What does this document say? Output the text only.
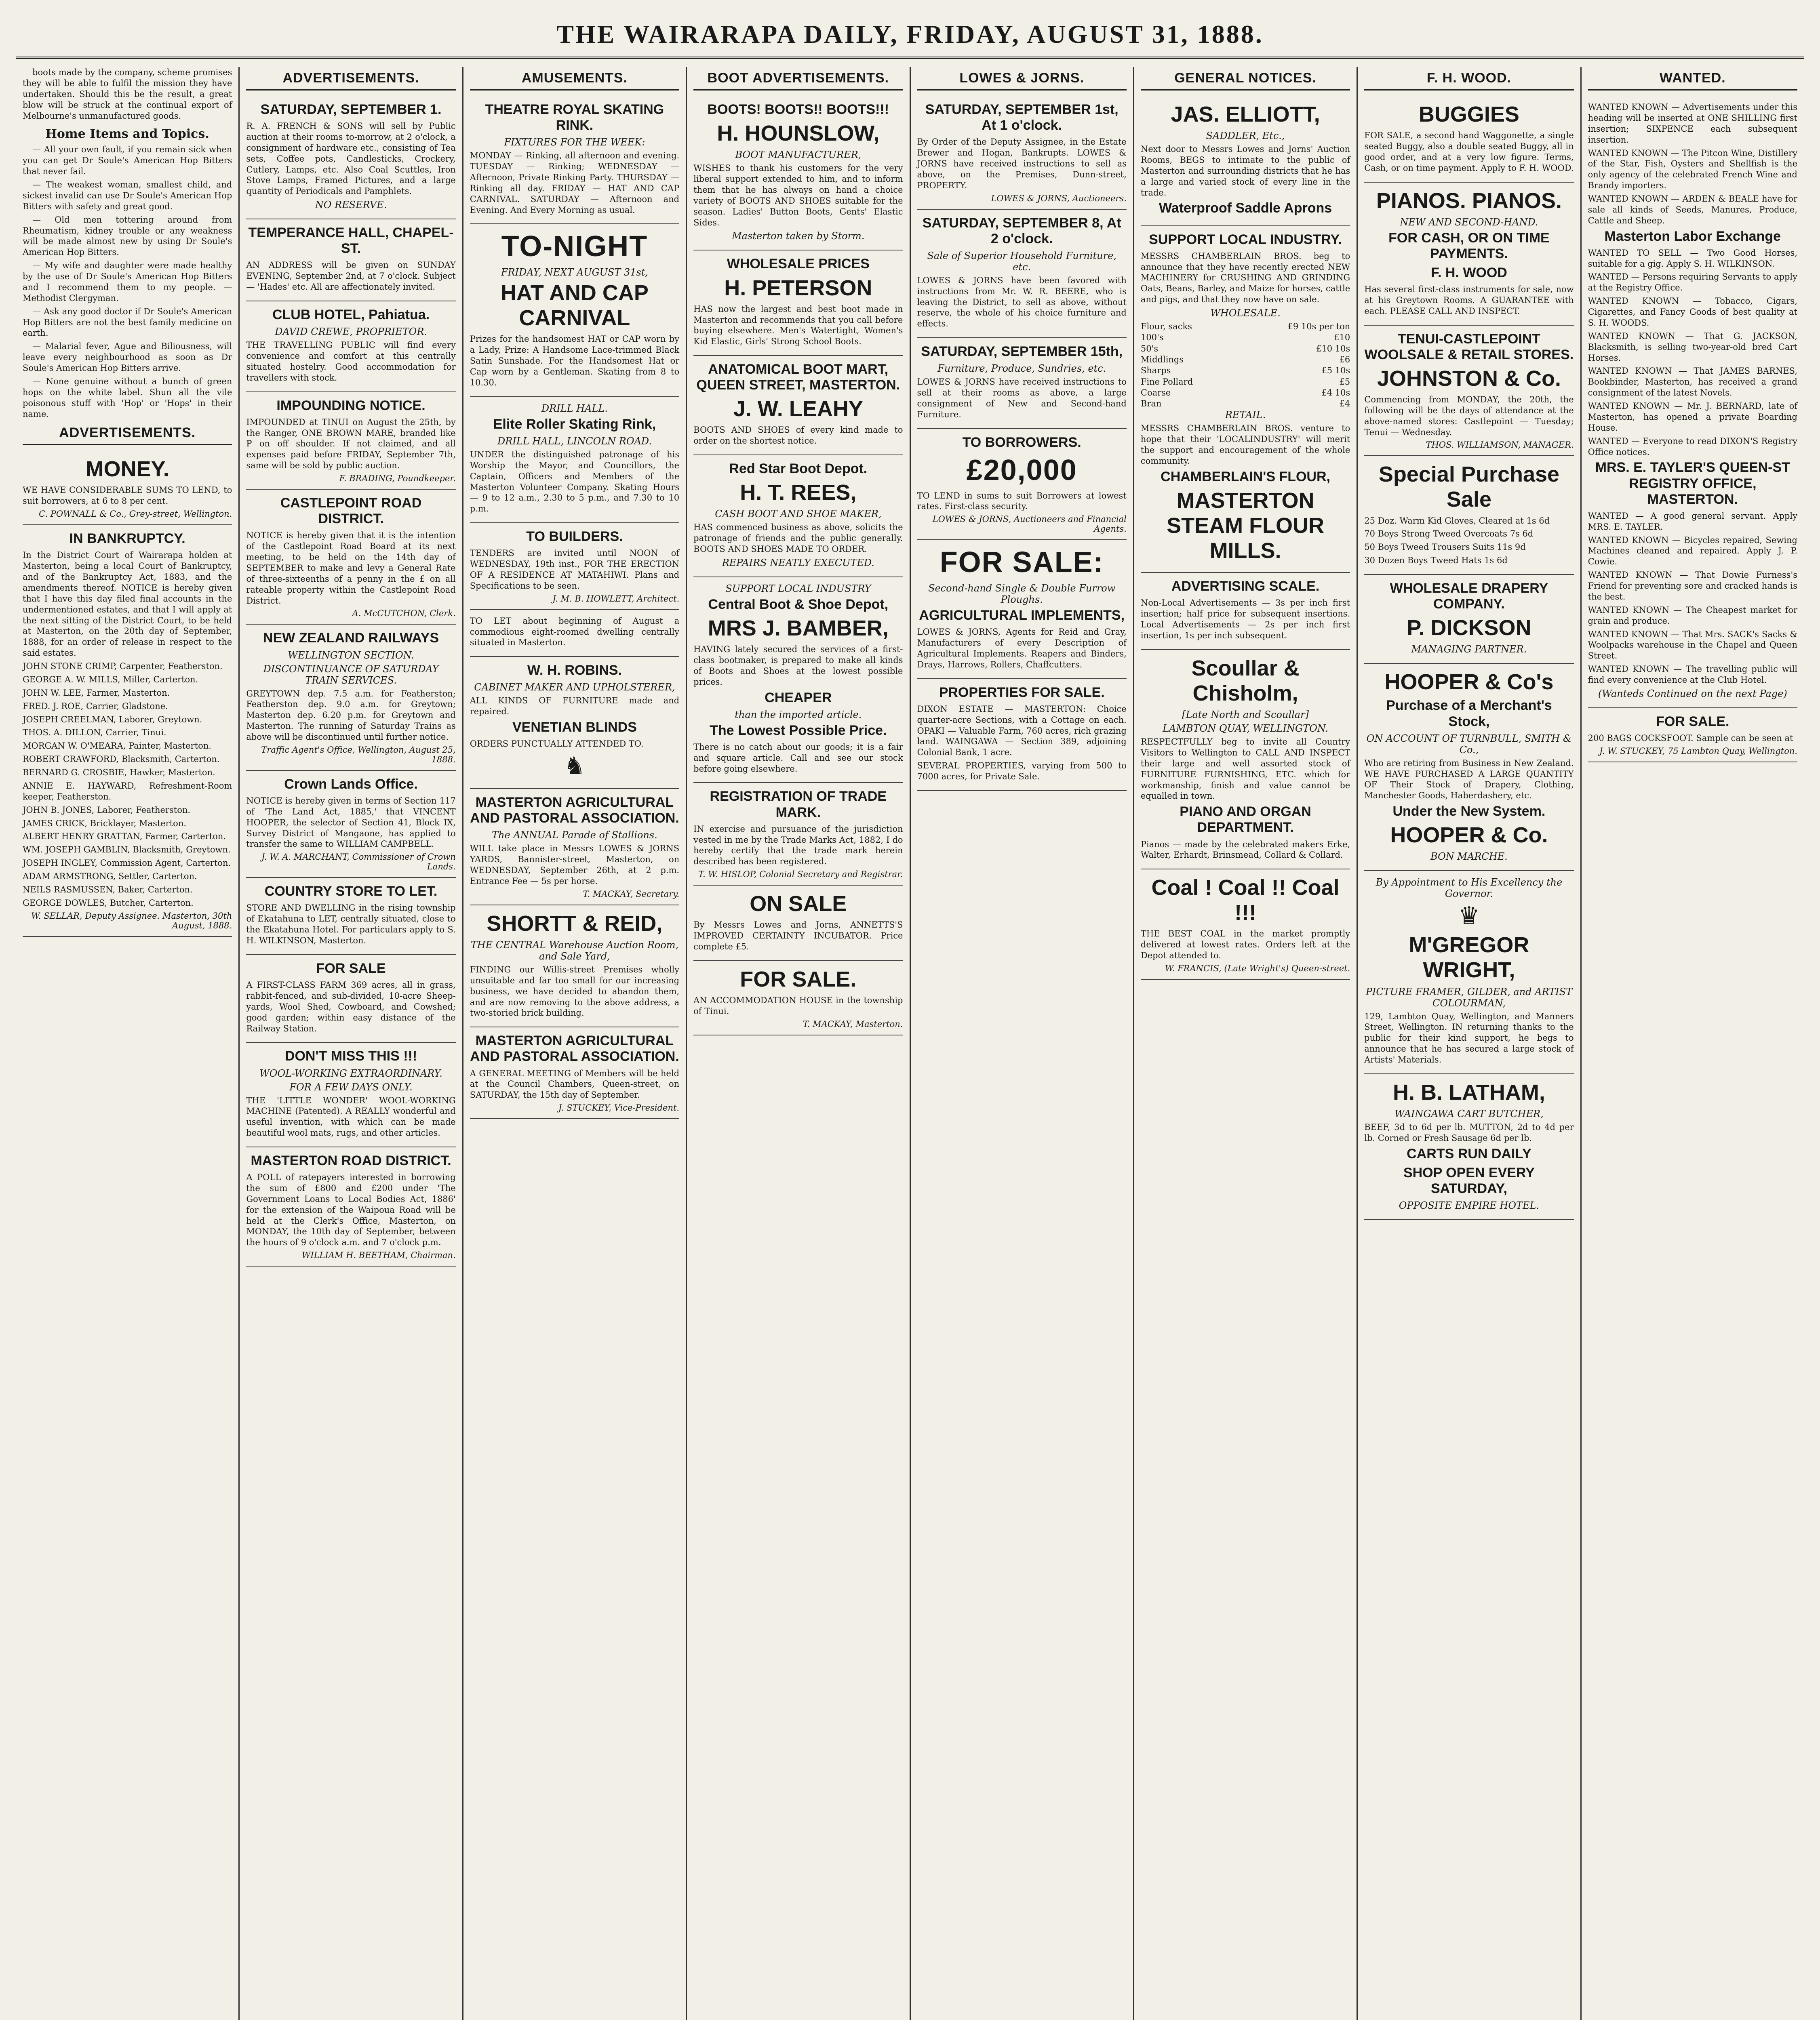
THE WAIRARAPA DAILY, FRIDAY, AUGUST 31, 1888.

boots made by the company, scheme promises they will be able to fulfil the mission they have undertaken. Should this be the result, a great blow will be struck at the continual export of Melbourne's unmanufactured goods.

Home Items and Topics.

— All your own fault, if you remain sick when you can get Dr Soule's American Hop Bitters that never fail.

— The weakest woman, smallest child, and sickest invalid can use Dr Soule's American Hop Bitters with safety and great good.

— Old men tottering around from Rheumatism, kidney trouble or any weakness will be made almost new by using Dr Soule's American Hop Bitters.

— My wife and daughter were made healthy by the use of Dr Soule's American Hop Bitters and I recommend them to my people. — Methodist Clergyman.

— Ask any good doctor if Dr Soule's American Hop Bitters are not the best family medicine on earth.

— Malarial fever, Ague and Biliousness, will leave every neighbourhood as soon as Dr Soule's American Hop Bitters arrive.

— None genuine without a bunch of green hops on the white label. Shun all the vile poisonous stuff with 'Hop' or 'Hops' in their name.

ADVERTISEMENTS.
MONEY.

WE HAVE CONSIDERABLE SUMS TO LEND, to suit borrowers, at 6 to 8 per cent.

C. POWNALL & Co., Grey-street, Wellington.
IN BANKRUPTCY.

In the District Court of Wairarapa holden at Masterton, being a local Court of Bankruptcy, and of the Bankruptcy Act, 1883, and the amendments thereof. NOTICE is hereby given that I have this day filed final accounts in the undermentioned estates, and that I will apply at the next sitting of the District Court, to be held at Masterton, on the 20th day of September, 1888, for an order of release in respect to the said estates.

JOHN STONE CRIMP, Carpenter, Featherston.

GEORGE A. W. MILLS, Miller, Carterton.

JOHN W. LEE, Farmer, Masterton.

FRED. J. ROE, Carrier, Gladstone.

JOSEPH CREELMAN, Laborer, Greytown.

THOS. A. DILLON, Carrier, Tinui.

MORGAN W. O'MEARA, Painter, Masterton.

ROBERT CRAWFORD, Blacksmith, Carterton.

BERNARD G. CROSBIE, Hawker, Masterton.

ANNIE E. HAYWARD, Refreshment-Room keeper, Featherston.

JOHN B. JONES, Laborer, Featherston.

JAMES CRICK, Bricklayer, Masterton.

ALBERT HENRY GRATTAN, Farmer, Carterton.

WM. JOSEPH GAMBLIN, Blacksmith, Greytown.

JOSEPH INGLEY, Commission Agent, Carterton.

ADAM ARMSTRONG, Settler, Carterton.

NEILS RASMUSSEN, Baker, Carterton.

GEORGE DOWLES, Butcher, Carterton.

W. SELLAR, Deputy Assignee. Masterton, 30th August, 1888.
ADVERTISEMENTS.
SATURDAY, SEPTEMBER 1.

R. A. FRENCH & SONS will sell by Public auction at their rooms to-morrow, at 2 o'clock, a consignment of hardware etc., consisting of Tea sets, Coffee pots, Candlesticks, Crockery, Cutlery, Lamps, etc. Also Coal Scuttles, Iron Stove Lamps, Framed Pictures, and a large quantity of Periodicals and Pamphlets.

NO RESERVE.
TEMPERANCE HALL, CHAPEL-ST.

AN ADDRESS will be given on SUNDAY EVENING, September 2nd, at 7 o'clock. Subject — 'Hades' etc. All are affectionately invited.

CLUB HOTEL, Pahiatua.
DAVID CREWE, PROPRIETOR.

THE TRAVELLING PUBLIC will find every convenience and comfort at this centrally situated hostelry. Good accommodation for travellers with stock.

IMPOUNDING NOTICE.

IMPOUNDED at TINUI on August the 25th, by the Ranger, ONE BROWN MARE, branded like P on off shoulder. If not claimed, and all expenses paid before FRIDAY, September 7th, same will be sold by public auction.

F. BRADING, Poundkeeper.
CASTLEPOINT ROAD DISTRICT.

NOTICE is hereby given that it is the intention of the Castlepoint Road Board at its next meeting, to be held on the 14th day of SEPTEMBER to make and levy a General Rate of three-sixteenths of a penny in the £ on all rateable property within the Castlepoint Road District.

A. McCUTCHON, Clerk.
NEW ZEALAND RAILWAYS
WELLINGTON SECTION.
DISCONTINUANCE OF SATURDAY TRAIN SERVICES.

GREYTOWN dep. 7.5 a.m. for Featherston; Featherston dep. 9.0 a.m. for Greytown; Masterton dep. 6.20 p.m. for Greytown and Masterton. The running of Saturday Trains as above will be discontinued until further notice.

Traffic Agent's Office, Wellington, August 25, 1888.
Crown Lands Office.

NOTICE is hereby given in terms of Section 117 of 'The Land Act, 1885,' that VINCENT HOOPER, the selector of Section 41, Block IX, Survey District of Mangaone, has applied to transfer the same to WILLIAM CAMPBELL.

J. W. A. MARCHANT, Commissioner of Crown Lands.
COUNTRY STORE TO LET.

STORE AND DWELLING in the rising township of Ekatahuna to LET, centrally situated, close to the Ekatahuna Hotel. For particulars apply to S. H. WILKINSON, Masterton.

FOR SALE

A FIRST-CLASS FARM 369 acres, all in grass, rabbit-fenced, and sub-divided, 10-acre Sheep-yards, Wool Shed, Cowboard, and Cowshed; good garden; within easy distance of the Railway Station.

DON'T MISS THIS !!!
WOOL-WORKING EXTRAORDINARY.
FOR A FEW DAYS ONLY.

THE 'LITTLE WONDER' WOOL-WORKING MACHINE (Patented). A REALLY wonderful and useful invention, with which can be made beautiful wool mats, rugs, and other articles.

MASTERTON ROAD DISTRICT.

A POLL of ratepayers interested in borrowing the sum of £800 and £200 under 'The Government Loans to Local Bodies Act, 1886' for the extension of the Waipoua Road will be held at the Clerk's Office, Masterton, on MONDAY, the 10th day of September, between the hours of 9 o'clock a.m. and 7 o'clock p.m.

WILLIAM H. BEETHAM, Chairman.
AMUSEMENTS.
THEATRE ROYAL SKATING RINK.
FIXTURES FOR THE WEEK:

MONDAY — Rinking, all afternoon and evening. TUESDAY — Rinking; WEDNESDAY — Afternoon, Private Rinking Party. THURSDAY — Rinking all day. FRIDAY — HAT AND CAP CARNIVAL. SATURDAY — Afternoon and Evening. And Every Morning as usual.

TO-NIGHT
FRIDAY, NEXT AUGUST 31st,
HAT AND CAP CARNIVAL

Prizes for the handsomest HAT or CAP worn by a Lady, Prize: A Handsome Lace-trimmed Black Satin Sunshade. For the Handsomest Hat or Cap worn by a Gentleman. Skating from 8 to 10.30.

DRILL HALL.
Elite Roller Skating Rink,
DRILL HALL, LINCOLN ROAD.

UNDER the distinguished patronage of his Worship the Mayor, and Councillors, the Captain, Officers and Members of the Masterton Volunteer Company. Skating Hours — 9 to 12 a.m., 2.30 to 5 p.m., and 7.30 to 10 p.m.

TO BUILDERS.

TENDERS are invited until NOON of WEDNESDAY, 19th inst., FOR THE ERECTION OF A RESIDENCE AT MATAHIWI. Plans and Specifications to be seen.

J. M. B. HOWLETT, Architect.

TO LET about beginning of August a commodious eight-roomed dwelling centrally situated in Masterton.

W. H. ROBINS.
CABINET MAKER AND UPHOLSTERER,

ALL KINDS OF FURNITURE made and repaired.

VENETIAN BLINDS

ORDERS PUNCTUALLY ATTENDED TO.

♞
MASTERTON AGRICULTURAL AND PASTORAL ASSOCIATION.
The ANNUAL Parade of Stallions.

WILL take place in Messrs LOWES & JORNS YARDS, Bannister-street, Masterton, on WEDNESDAY, September 26th, at 2 p.m. Entrance Fee — 5s per horse.

T. MACKAY, Secretary.
SHORTT & REID,
THE CENTRAL Warehouse Auction Room, and Sale Yard,

FINDING our Willis-street Premises wholly unsuitable and far too small for our increasing business, we have decided to abandon them, and are now removing to the above address, a two-storied brick building.

MASTERTON AGRICULTURAL AND PASTORAL ASSOCIATION.

A GENERAL MEETING of Members will be held at the Council Chambers, Queen-street, on SATURDAY, the 15th day of September.

J. STUCKEY, Vice-President.
BOOT ADVERTISEMENTS.
BOOTS! BOOTS!! BOOTS!!!
H. HOUNSLOW,
BOOT MANUFACTURER,

WISHES to thank his customers for the very liberal support extended to him, and to inform them that he has always on hand a choice variety of BOOTS AND SHOES suitable for the season. Ladies' Button Boots, Gents' Elastic Sides.

Masterton taken by Storm.
WHOLESALE PRICES
H. PETERSON

HAS now the largest and best boot made in Masterton and recommends that you call before buying elsewhere. Men's Watertight, Women's Kid Elastic, Girls' Strong School Boots.

ANATOMICAL BOOT MART, QUEEN STREET, MASTERTON.
J. W. LEAHY

BOOTS AND SHOES of every kind made to order on the shortest notice.

Red Star Boot Depot.
H. T. REES,
CASH BOOT AND SHOE MAKER,

HAS commenced business as above, solicits the patronage of friends and the public generally. BOOTS AND SHOES MADE TO ORDER.

REPAIRS NEATLY EXECUTED.
SUPPORT LOCAL INDUSTRY
Central Boot & Shoe Depot,
MRS J. BAMBER,

HAVING lately secured the services of a first-class bootmaker, is prepared to make all kinds of Boots and Shoes at the lowest possible prices.

CHEAPER
than the imported article.
The Lowest Possible Price.

There is no catch about our goods; it is a fair and square article. Call and see our stock before going elsewhere.

REGISTRATION OF TRADE MARK.

IN exercise and pursuance of the jurisdiction vested in me by the Trade Marks Act, 1882, I do hereby certify that the trade mark herein described has been registered.

T. W. HISLOP, Colonial Secretary and Registrar.
ON SALE

By Messrs Lowes and Jorns, ANNETTS'S IMPROVED CERTAINTY INCUBATOR. Price complete £5.

FOR SALE.

AN ACCOMMODATION HOUSE in the township of Tinui.

T. MACKAY, Masterton.
LOWES & JORNS.
SATURDAY, SEPTEMBER 1st, At 1 o'clock.

By Order of the Deputy Assignee, in the Estate Brewer and Hogan, Bankrupts. LOWES & JORNS have received instructions to sell as above, on the Premises, Dunn-street, PROPERTY.

LOWES & JORNS, Auctioneers.
SATURDAY, SEPTEMBER 8, At 2 o'clock.
Sale of Superior Household Furniture, etc.

LOWES & JORNS have been favored with instructions from Mr. W. R. BEERE, who is leaving the District, to sell as above, without reserve, the whole of his choice furniture and effects.

SATURDAY, SEPTEMBER 15th,
Furniture, Produce, Sundries, etc.

LOWES & JORNS have received instructions to sell at their rooms as above, a large consignment of New and Second-hand Furniture.

TO BORROWERS.
£20,000

TO LEND in sums to suit Borrowers at lowest rates. First-class security.

LOWES & JORNS, Auctioneers and Financial Agents.
FOR SALE:
Second-hand Single & Double Furrow Ploughs.
AGRICULTURAL IMPLEMENTS,

LOWES & JORNS, Agents for Reid and Gray, Manufacturers of every Description of Agricultural Implements. Reapers and Binders, Drays, Harrows, Rollers, Chaffcutters.

PROPERTIES FOR SALE.

DIXON ESTATE — MASTERTON: Choice quarter-acre Sections, with a Cottage on each. OPAKI — Valuable Farm, 760 acres, rich grazing land. WAINGAWA — Section 389, adjoining Colonial Bank, 1 acre.

SEVERAL PROPERTIES, varying from 500 to 7000 acres, for Private Sale.

GENERAL NOTICES.
JAS. ELLIOTT,
SADDLER, Etc.,

Next door to Messrs Lowes and Jorns' Auction Rooms, BEGS to intimate to the public of Masterton and surrounding districts that he has a large and varied stock of every line in the trade.

Waterproof Saddle Aprons
SUPPORT LOCAL INDUSTRY.

MESSRS CHAMBERLAIN BROS. beg to announce that they have recently erected NEW MACHINERY for CRUSHING AND GRINDING Oats, Beans, Barley, and Maize for horses, cattle and pigs, and that they now have on sale.

WHOLESALE.
Flour, sacks	£9 10s per ton
100's	£10
50's	£10 10s
Middlings	£6
Sharps	£5 10s
Fine Pollard	£5
Coarse	£4 10s
Bran	£4
RETAIL.

MESSRS CHAMBERLAIN BROS. venture to hope that their 'LOCALINDUSTRY' will merit the support and encouragement of the whole community.

CHAMBERLAIN'S FLOUR,
MASTERTON STEAM FLOUR MILLS.
ADVERTISING SCALE.

Non-Local Advertisements — 3s per inch first insertion; half price for subsequent insertions. Local Advertisements — 2s per inch first insertion, 1s per inch subsequent.

Scoullar & Chisholm,
[Late North and Scoullar]
LAMBTON QUAY, WELLINGTON.

RESPECTFULLY beg to invite all Country Visitors to Wellington to CALL AND INSPECT their large and well assorted stock of FURNITURE FURNISHING, ETC. which for workmanship, finish and value cannot be equalled in town.

PIANO AND ORGAN DEPARTMENT.

Pianos — made by the celebrated makers Erke, Walter, Erhardt, Brinsmead, Collard & Collard.

Coal ! Coal !! Coal !!!

THE BEST COAL in the market promptly delivered at lowest rates. Orders left at the Depot attended to.

W. FRANCIS, (Late Wright's) Queen-street.
F. H. WOOD.
BUGGIES

FOR SALE, a second hand Waggonette, a single seated Buggy, also a double seated Buggy, all in good order, and at a very low figure. Terms, Cash, or on time payment. Apply to F. H. WOOD.

PIANOS. PIANOS.
NEW AND SECOND-HAND.
FOR CASH, OR ON TIME PAYMENTS.
F. H. WOOD

Has several first-class instruments for sale, now at his Greytown Rooms. A GUARANTEE with each. PLEASE CALL AND INSPECT.

TENUI-CASTLEPOINT WOOLSALE & RETAIL STORES.
JOHNSTON & Co.

Commencing from MONDAY, the 20th, the following will be the days of attendance at the above-named stores: Castlepoint — Tuesday; Tenui — Wednesday.

THOS. WILLIAMSON, MANAGER.
Special Purchase Sale

25 Doz. Warm Kid Gloves, Cleared at 1s 6d

70 Boys Strong Tweed Overcoats 7s 6d

50 Boys Tweed Trousers Suits 11s 9d

30 Dozen Boys Tweed Hats 1s 6d

WHOLESALE DRAPERY COMPANY.
P. DICKSON
MANAGING PARTNER.
HOOPER & Co's
Purchase of a Merchant's Stock,
ON ACCOUNT OF TURNBULL, SMITH & Co.,

Who are retiring from Business in New Zealand. WE HAVE PURCHASED A LARGE QUANTITY OF Their Stock of Drapery, Clothing, Manchester Goods, Haberdashery, etc.

Under the New System.
HOOPER & Co.
BON MARCHE.
By Appointment to His Excellency the Governor.
♛
M'GREGOR WRIGHT,
PICTURE FRAMER, GILDER, and ARTIST COLOURMAN,

129, Lambton Quay, Wellington, and Manners Street, Wellington. IN returning thanks to the public for their kind support, he begs to announce that he has secured a large stock of Artists' Materials.

H. B. LATHAM,
WAINGAWA CART BUTCHER,

BEEF, 3d to 6d per lb. MUTTON, 2d to 4d per lb. Corned or Fresh Sausage 6d per lb.

CARTS RUN DAILY
SHOP OPEN EVERY SATURDAY,
OPPOSITE EMPIRE HOTEL.
WANTED.

WANTED KNOWN — Advertisements under this heading will be inserted at ONE SHILLING first insertion; SIXPENCE each subsequent insertion.

WANTED KNOWN — The Pitcon Wine, Distillery of the Star, Fish, Oysters and Shellfish is the only agency of the celebrated French Wine and Brandy importers.

WANTED KNOWN — ARDEN & BEALE have for sale all kinds of Seeds, Manures, Produce, Cattle and Sheep.

Masterton Labor Exchange

WANTED TO SELL — Two Good Horses, suitable for a gig. Apply S. H. WILKINSON.

WANTED — Persons requiring Servants to apply at the Registry Office.

WANTED KNOWN — Tobacco, Cigars, Cigarettes, and Fancy Goods of best quality at S. H. WOODS.

WANTED KNOWN — That G. JACKSON, Blacksmith, is selling two-year-old bred Cart Horses.

WANTED KNOWN — That JAMES BARNES, Bookbinder, Masterton, has received a grand consignment of the latest Novels.

WANTED KNOWN — Mr. J. BERNARD, late of Masterton, has opened a private Boarding House.

WANTED — Everyone to read DIXON'S Registry Office notices.

MRS. E. TAYLER'S QUEEN-ST REGISTRY OFFICE, MASTERTON.

WANTED — A good general servant. Apply MRS. E. TAYLER.

WANTED KNOWN — Bicycles repaired, Sewing Machines cleaned and repaired. Apply J. P. Cowie.

WANTED KNOWN — That Dowie Furness's Friend for preventing sore and cracked hands is the best.

WANTED KNOWN — The Cheapest market for grain and produce.

WANTED KNOWN — That Mrs. SACK's Sacks & Woolpacks warehouse in the Chapel and Queen Street.

WANTED KNOWN — The travelling public will find every convenience at the Club Hotel.

(Wanteds Continued on the next Page)
FOR SALE.

200 BAGS COCKSFOOT. Sample can be seen at

J. W. STUCKEY, 75 Lambton Quay, Wellington.
